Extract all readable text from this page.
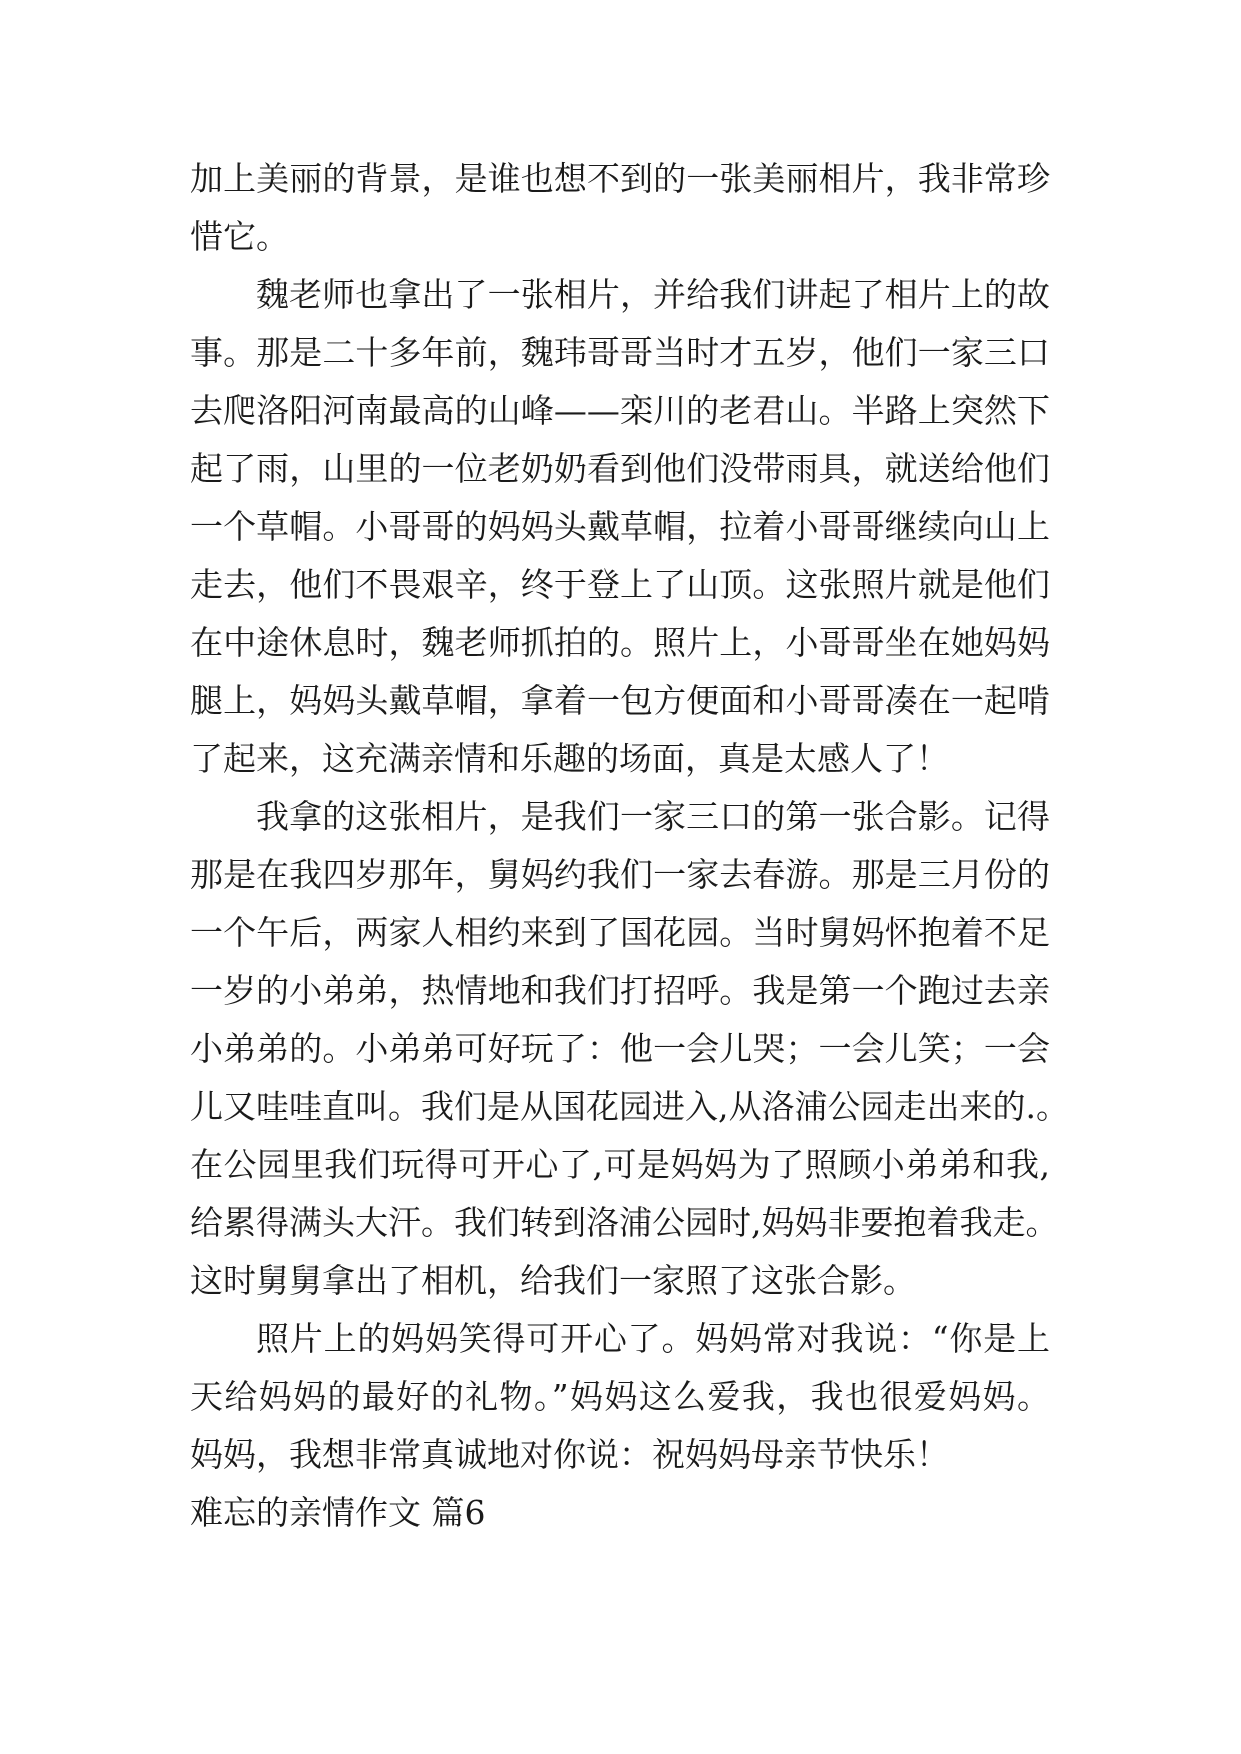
加上美丽的背景，是谁也想不到的一张美丽相片，我非常珍
惜它。
魏老师也拿出了一张相片，并给我们讲起了相片上的故
事。那是二十多年前，魏玮哥哥当时才五岁，他们一家三口
去爬洛阳河南最高的山峰——栾川的老君山。半路上突然下
起了雨，山里的一位老奶奶看到他们没带雨具，就送给他们
一个草帽。小哥哥的妈妈头戴草帽，拉着小哥哥继续向山上
走去，他们不畏艰辛，终于登上了山顶。这张照片就是他们
在中途休息时，魏老师抓拍的。照片上，小哥哥坐在她妈妈
腿上，妈妈头戴草帽，拿着一包方便面和小哥哥凑在一起啃
了起来，这充满亲情和乐趣的场面，真是太感人了！
我拿的这张相片，是我们一家三口的第一张合影。记得
那是在我四岁那年，舅妈约我们一家去春游。那是三月份的
一个午后，两家人相约来到了国花园。当时舅妈怀抱着不足
一岁的小弟弟，热情地和我们打招呼。我是第一个跑过去亲
小弟弟的。小弟弟可好玩了：他一会儿哭；一会儿笑；一会
儿又哇哇直叫。我们是从国花园进入,从洛浦公园走出来的.。
在公园里我们玩得可开心了,可是妈妈为了照顾小弟弟和我,
给累得满头大汗。我们转到洛浦公园时,妈妈非要抱着我走。
这时舅舅拿出了相机，给我们一家照了这张合影。
照片上的妈妈笑得可开心了。妈妈常对我说：“你是上
天给妈妈的最好的礼物。”妈妈这么爱我，我也很爱妈妈。
妈妈，我想非常真诚地对你说：祝妈妈母亲节快乐！
难忘的亲情作文 篇6
